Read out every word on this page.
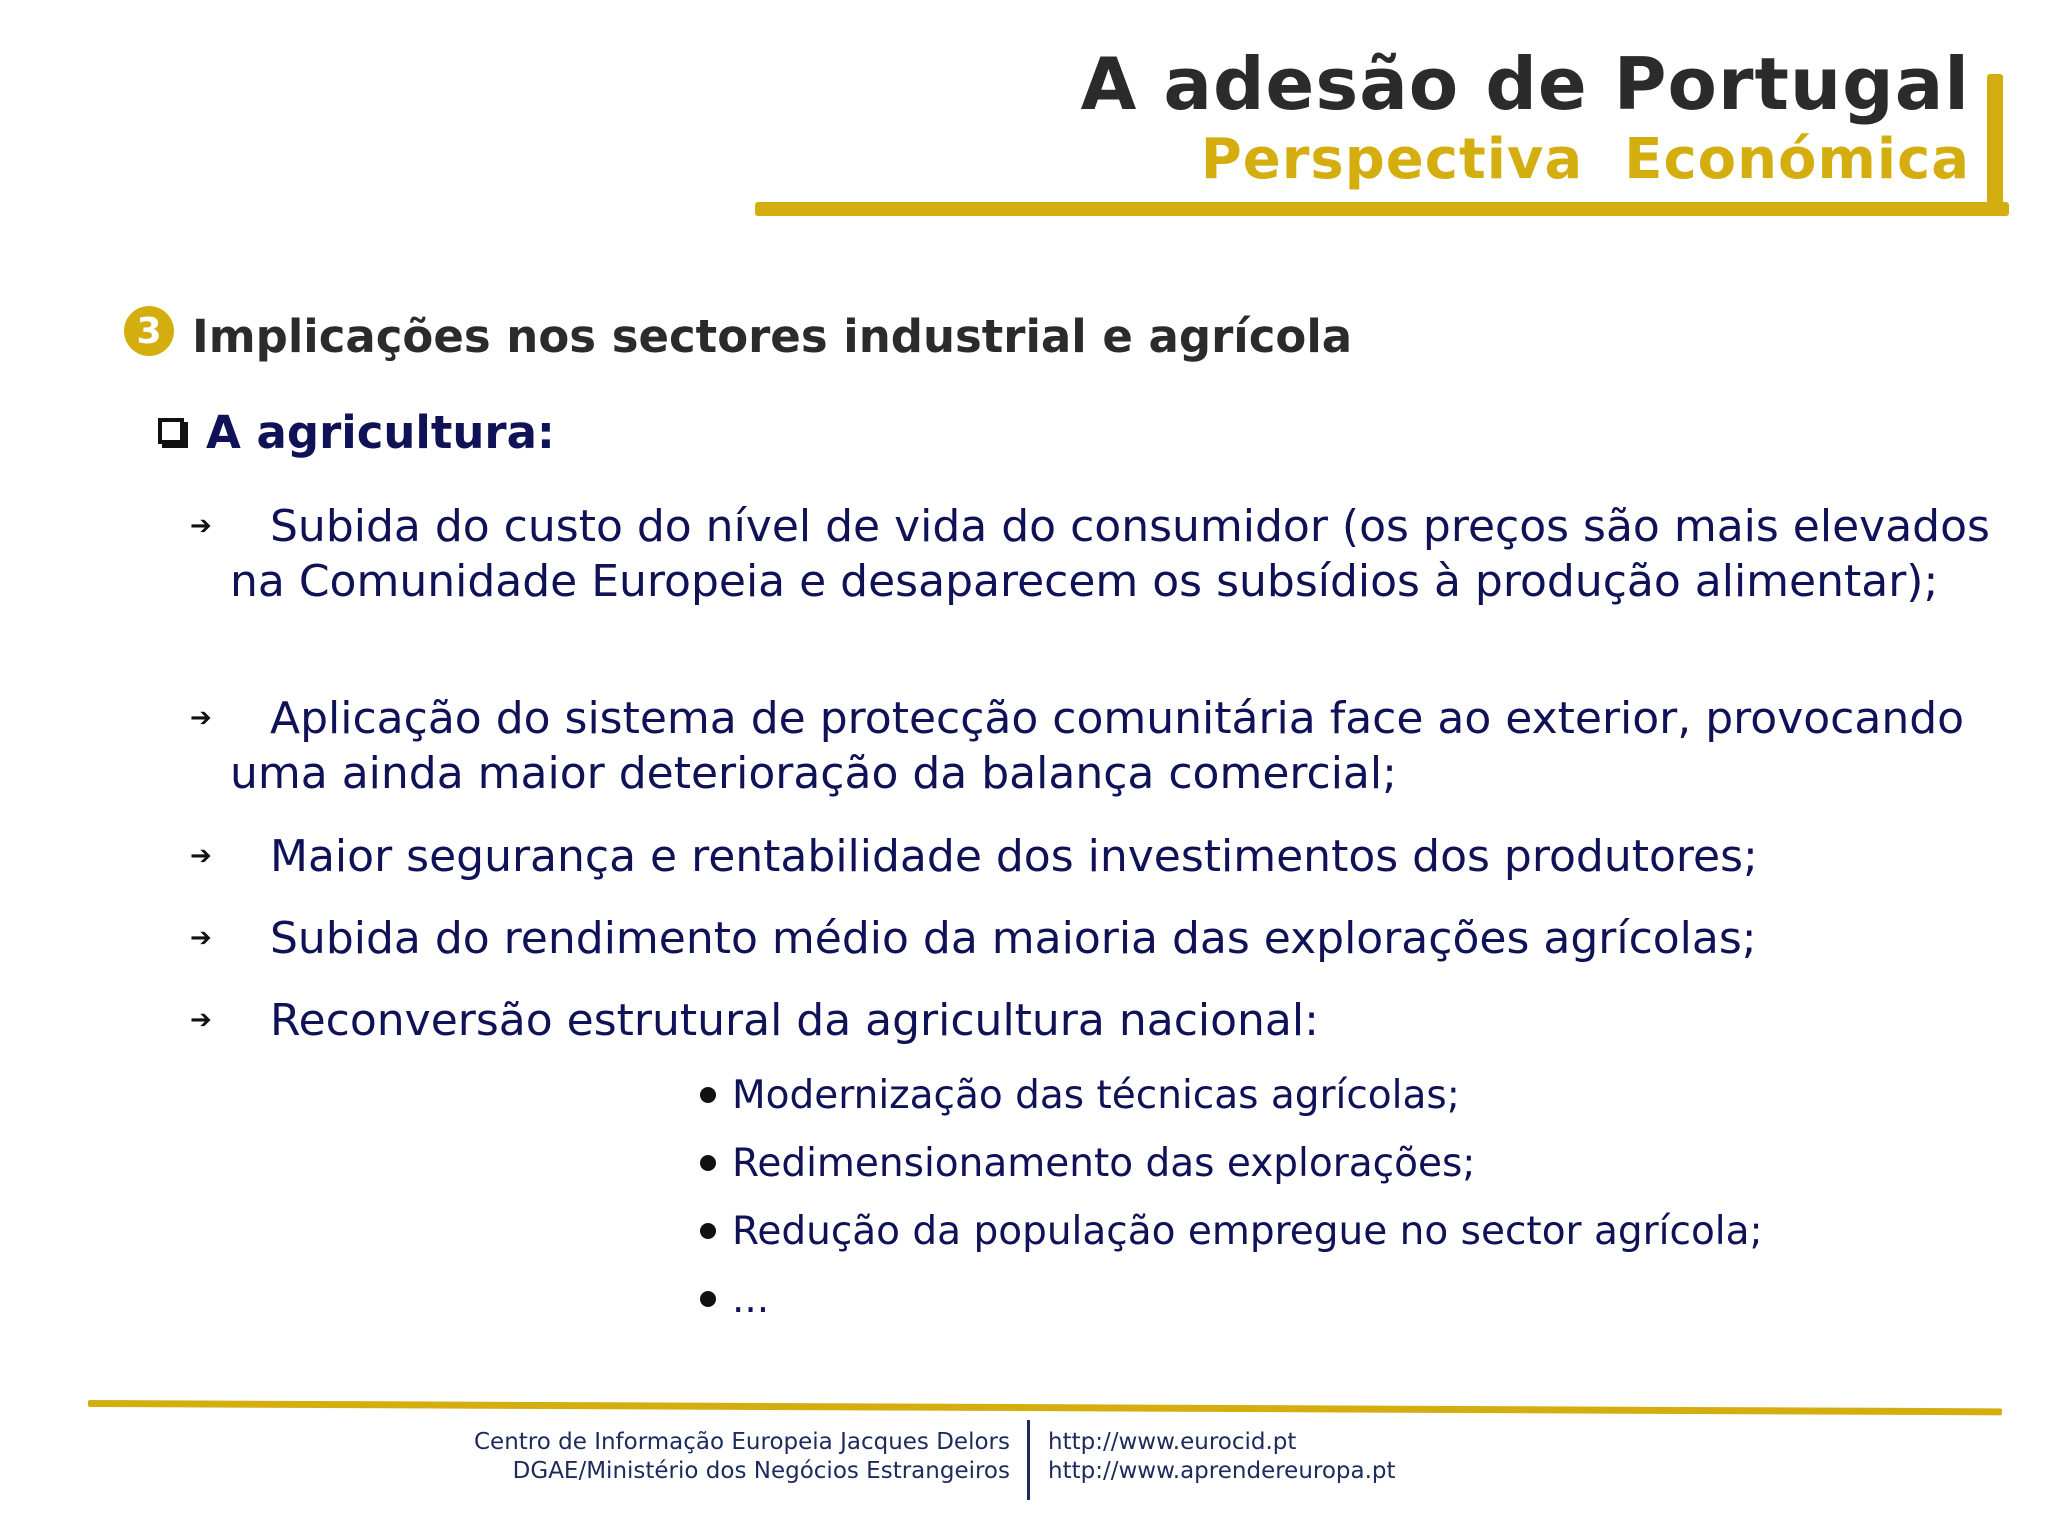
A adesão de Portugal
Perspectiva  Económica
3 Implicações nos sectores industrial e agrícola
A agricultura:
➔ Subida do custo do nível de vida do consumidor (os preços são mais elevados na Comunidade Europeia e desaparecem os subsídios à produção alimentar);
➔ Aplicação do sistema de protecção comunitária face ao exterior, provocando uma ainda maior deterioração da balança comercial;
➔ Maior segurança e rentabilidade dos investimentos dos produtores;
➔ Subida do rendimento médio da maioria das explorações agrícolas;
➔ Reconversão estrutural da agricultura nacional:
Modernização das técnicas agrícolas;
Redimensionamento das explorações;
Redução da população empregue no sector agrícola;
...
Centro de Informação Europeia Jacques Delors
DGAE/Ministério dos Negócios Estrangeiros
http://www.eurocid.pt
http://www.aprendereuropa.pt
